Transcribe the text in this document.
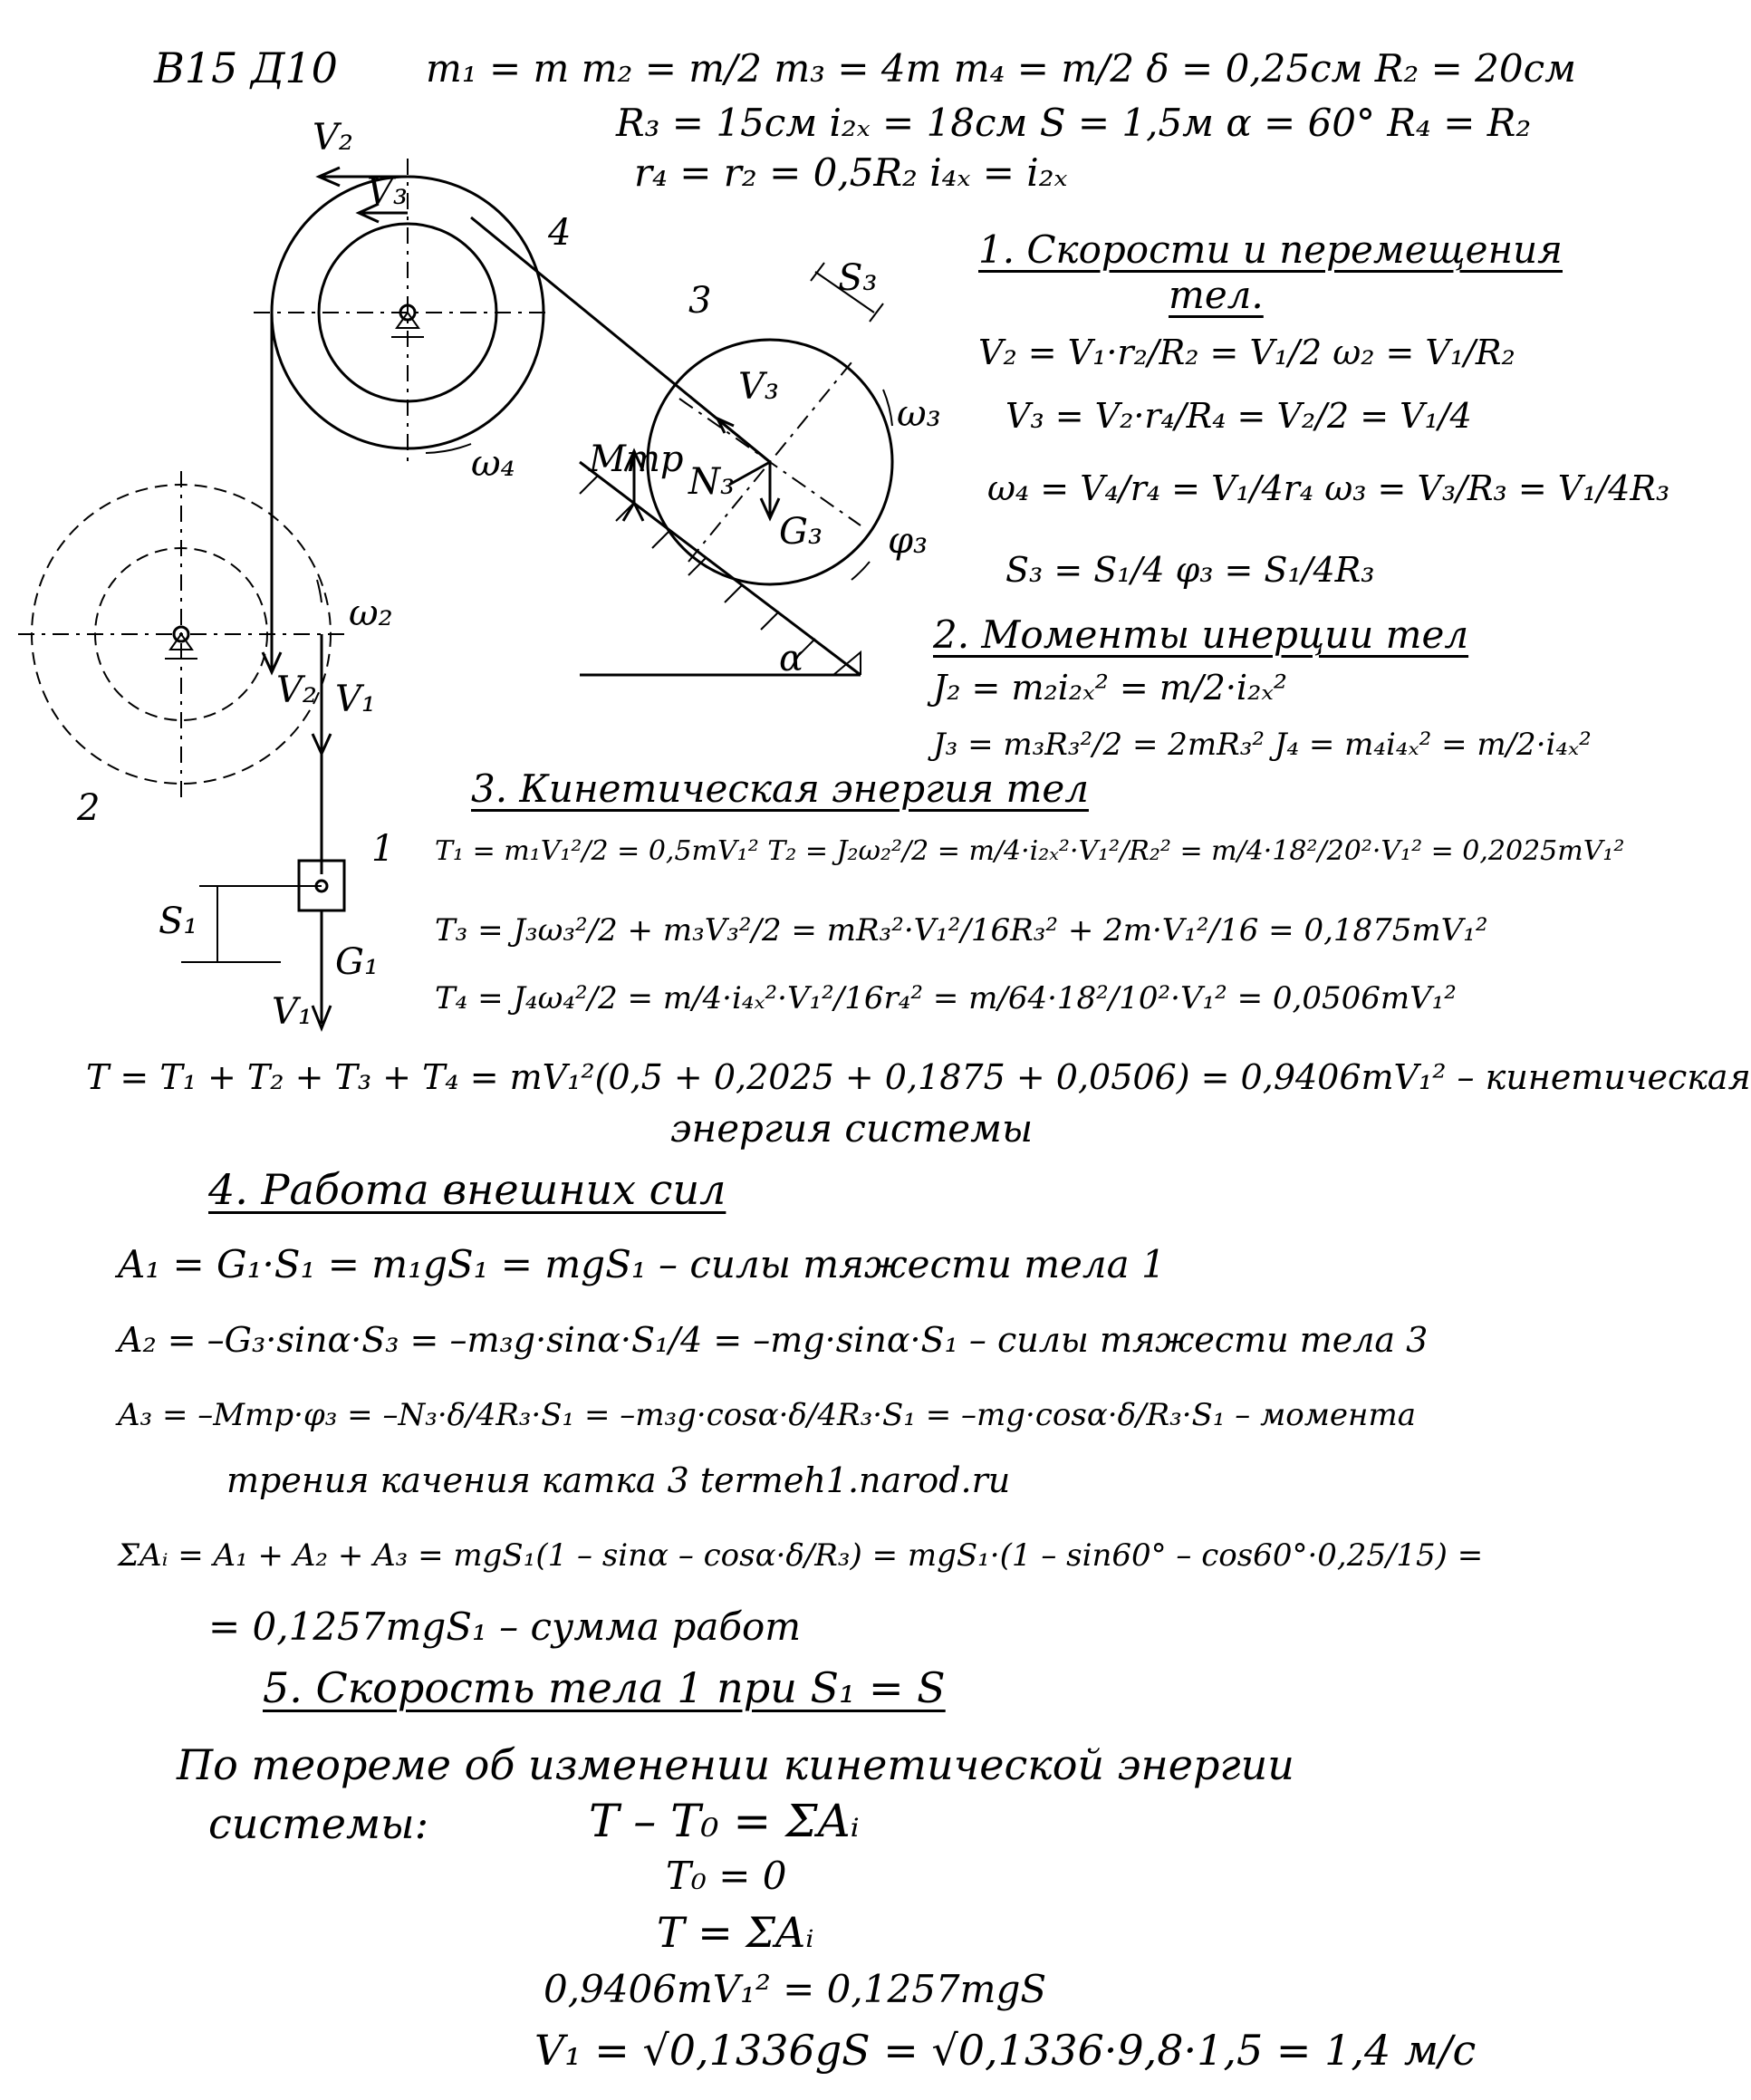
V₂
V₃
4
3
S₃
V₃
N₃
G₃
Mтр
ω₃
φ₃
ω₄
ω₂
α
V₂ V₁
2
1
S₁
G₁
V₁
В15 Д10 m₁ = m m₂ = m/2 m₃ = 4m m₄ = m/2 δ = 0,25см R₂ = 20см
R₃ = 15см i₂ₓ = 18см S = 1,5м α = 60° R₄ = R₂
r₄ = r₂ = 0,5R₂ i₄ₓ = i₂ₓ
1. Скорости и перемещения
тел.
V₂ = V₁·r₂/R₂ = V₁/2 ω₂ = V₁/R₂
V₃ = V₂·r₄/R₄ = V₂/2 = V₁/4
ω₄ = V₄/r₄ = V₁/4r₄ ω₃ = V₃/R₃ = V₁/4R₃
S₃ = S₁/4 φ₃ = S₁/4R₃
2. Моменты инерции тел
J₂ = m₂i₂ₓ² = m/2·i₂ₓ²
J₃ = m₃R₃²/2 = 2mR₃² J₄ = m₄i₄ₓ² = m/2·i₄ₓ²
3. Кинетическая энергия тел
T₁ = m₁V₁²/2 = 0,5mV₁² T₂ = J₂ω₂²/2 = m/4·i₂ₓ²·V₁²/R₂² = m/4·18²/20²·V₁² = 0,2025mV₁²
T₃ = J₃ω₃²/2 + m₃V₃²/2 = mR₃²·V₁²/16R₃² + 2m·V₁²/16 = 0,1875mV₁²
T₄ = J₄ω₄²/2 = m/4·i₄ₓ²·V₁²/16r₄² = m/64·18²/10²·V₁² = 0,0506mV₁²
T = T₁ + T₂ + T₃ + T₄ = mV₁²(0,5 + 0,2025 + 0,1875 + 0,0506) = 0,9406mV₁² – кинетическая
энергия системы
4. Работа внешних сил
A₁ = G₁·S₁ = m₁gS₁ = mgS₁ – силы тяжести тела 1
A₂ = –G₃·sinα·S₃ = –m₃g·sinα·S₁/4 = –mg·sinα·S₁ – силы тяжести тела 3
A₃ = –Mтр·φ₃ = –N₃·δ/4R₃·S₁ = –m₃g·cosα·δ/4R₃·S₁ = –mg·cosα·δ/R₃·S₁ – момента
трения качения катка 3 termeh1.narod.ru
ΣAᵢ = A₁ + A₂ + A₃ = mgS₁(1 – sinα – cosα·δ/R₃) = mgS₁·(1 – sin60° – cos60°·0,25/15) =
= 0,1257mgS₁ – сумма работ
5. Скорость тела 1 при S₁ = S
По теореме об изменении кинетической энергии
системы:	T – T₀ = ΣAᵢ
T₀ = 0
T = ΣAᵢ
0,9406mV₁² = 0,1257mgS
V₁ = √0,1336gS = √0,1336·9,8·1,5 = 1,4 м/с
